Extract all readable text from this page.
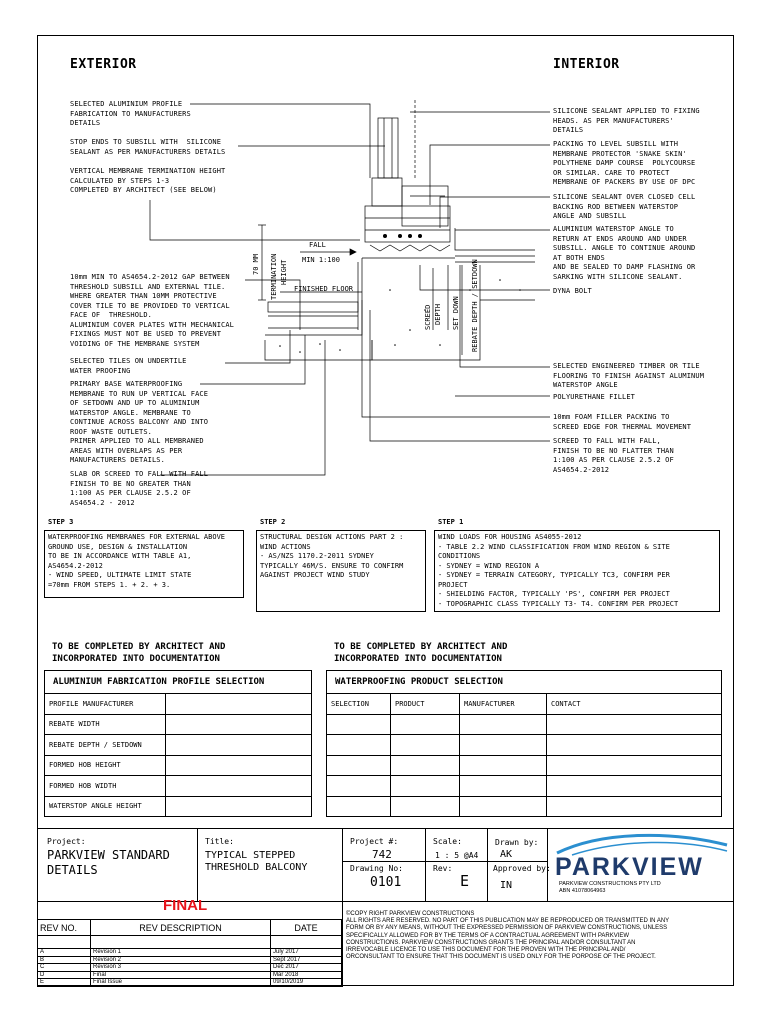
EXTERIOR	INTERIOR
SELECTED ALUMINIUM PROFILE
FABRICATION TO MANUFACTURERS
DETAILS
STOP ENDS TO SUBSILL WITH  SILICONE
SEALANT AS PER MANUFACTURERS DETAILS
VERTICAL MEMBRANE TERMINATION HEIGHT
CALCULATED BY STEPS 1-3
COMPLETED BY ARCHITECT (SEE BELOW)
10mm MIN TO AS4654.2-2012 GAP BETWEEN
THRESHOLD SUBSILL AND EXTERNAL TILE.
WHERE GREATER THAN 10MM PROTECTIVE
COVER TILE TO BE PROVIDED TO VERTICAL
FACE OF  THRESHOLD.
ALUMINIUM COVER PLATES WITH MECHANICAL
FIXINGS MUST NOT BE USED TO PREVENT
VOIDING OF THE MEMBRANE SYSTEM
SELECTED TILES ON UNDERTILE
WATER PROOFING
PRIMARY BASE WATERPROOFING
MEMBRANE TO RUN UP VERTICAL FACE
OF SETDOWN AND UP TO ALUMINIUM
WATERSTOP ANGLE. MEMBRANE TO
CONTINUE ACROSS BALCONY AND INTO
ROOF WASTE OUTLETS.
PRIMER APPLIED TO ALL MEMBRANED
AREAS WITH OVERLAPS AS PER
MANUFACTURERS DETAILS.
SLAB OR SCREED TO FALL WITH FALL
FINISH TO BE NO GREATER THAN
1:100 AS PER CLAUSE 2.5.2 OF
AS4654.2 - 2012
SILICONE SEALANT APPLIED TO FIXING
HEADS. AS PER MANUFACTURERS'
DETAILS
PACKING TO LEVEL SUBSILL WITH
MEMBRANE PROTECTOR 'SNAKE SKIN'
POLYTHENE DAMP COURSE  POLYCOURSE
OR SIMILAR. CARE TO PROTECT
MEMBRANE OF PACKERS BY USE OF DPC
SILICONE SEALANT OVER CLOSED CELL
BACKING ROD BETWEEN WATERSTOP
ANGLE AND SUBSILL
ALUMINIUM WATERSTOP ANGLE TO
RETURN AT ENDS AROUND AND UNDER
SUBSILL. ANGLE TO CONTINUE AROUND
AT BOTH ENDS
AND BE SEALED TO DAMP FLASHING OR
SARKING WITH SILICONE SEALANT.
DYNA BOLT
SELECTED ENGINEERED TIMBER OR TILE
FLOORING TO FINISH AGAINST ALUMINUM
WATERSTOP ANGLE
POLYURETHANE FILLET
10mm FOAM FILLER PACKING TO
SCREED EDGE FOR THERMAL MOVEMENT
SCREED TO FALL WITH FALL,
FINISH TO BE NO FLATTER THAN
1:100 AS PER CLAUSE 2.5.2 OF
AS4654.2-2012
FALL
MIN 1:100
FINISHED FLOOR
70 MM TERMINATION HEIGHT
SCREED DEPTH SET DOWN REBATE DEPTH / SETDOWN
STEP 3
WATERPROOFING MEMBRANES FOR EXTERNAL ABOVE
GROUND USE, DESIGN & INSTALLATION
TO BE IN ACCORDANCE WITH TABLE A1,
AS4654.2-2012
- WIND SPEED, ULTIMATE LIMIT STATE
=70mm FROM STEPS 1. + 2. + 3.
STEP 2
STRUCTURAL DESIGN ACTIONS PART 2 :
WIND ACTIONS
- AS/NZS 1170.2-2011 SYDNEY
TYPICALLY 46M/S. ENSURE TO CONFIRM
AGAINST PROJECT WIND STUDY
STEP 1
WIND LOADS FOR HOUSING AS4055-2012
- TABLE 2.2 WIND CLASSIFICATION FROM WIND REGION & SITE
CONDITIONS
- SYDNEY = WIND REGION A
- SYDNEY = TERRAIN CATEGORY, TYPICALLY TC3, CONFIRM PER
PROJECT
- SHIELDING FACTOR, TYPICALLY 'PS', CONFIRM PER PROJECT
- TOPOGRAPHIC CLASS TYPICALLY T3- T4. CONFIRM PER PROJECT
TO BE COMPLETED BY ARCHITECT AND
INCORPORATED INTO DOCUMENTATION
TO BE COMPLETED BY ARCHITECT AND
INCORPORATED INTO DOCUMENTATION
ALUMINIUM FABRICATION PROFILE SELECTION	
PROFILE MANUFACTURER	
REBATE WIDTH	
REBATE DEPTH / SETDOWN	
FORMED HOB HEIGHT	
FORMED HOB WIDTH	
WATERSTOP ANGLE HEIGHT	
WATERPROOFING PRODUCT SELECTION			
SELECTION	PRODUCT	MANUFACTURER	CONTACT

Project:
PARKVIEW STANDARD
DETAILS
Title:
TYPICAL STEPPED
THRESHOLD BALCONY
Project #:
742
Scale:
1 : 5 @A4
Drawn by:
AK
Drawing No:
0101
Rev:
E
Approved by:
IN
PARKVIEW
PARKVIEW CONSTRUCTIONS PTY LTD
ABN 41078064963
FINAL
REV NO.	REV DESCRIPTION	DATE

A	Revision 1	July 2017
B	Revision 2	Sept 2017
C	Revision 3	Dec 2017
D	Final	Mar 2018
E	Final Issue	09/10/2019
©COPY RIGHT PARKVIEW CONSTRUCTIONS
ALL RIGHTS ARE RESERVED. NO PART OF THIS PUBLICATION MAY BE REPRODUCED OR TRANSMITTED IN ANY
FORM OR BY ANY MEANS, WITHOUT THE EXPRESSED PERMISSION OF PARKVIEW CONSTRUCTIONS, UNLESS
SPECIFICALLY ALLOWED FOR BY THE TERMS OF A CONTRACTUAL AGREEMENT WITH PARKVIEW
CONSTRUCTIONS. PARKVIEW CONSTRUCTIONS GRANTS THE PRINCIPAL AND/OR CONSULTANT AN
IRREVOCABLE LICENCE TO USE THIS DOCUMENT FOR THE PROVEN WITH THE PRINCIPAL AND/
ORCONSULTANT TO ENSURE THAT THIS DOCUMENT IS USED ONLY FOR THE PORPOSE OF THE PROJECT.
